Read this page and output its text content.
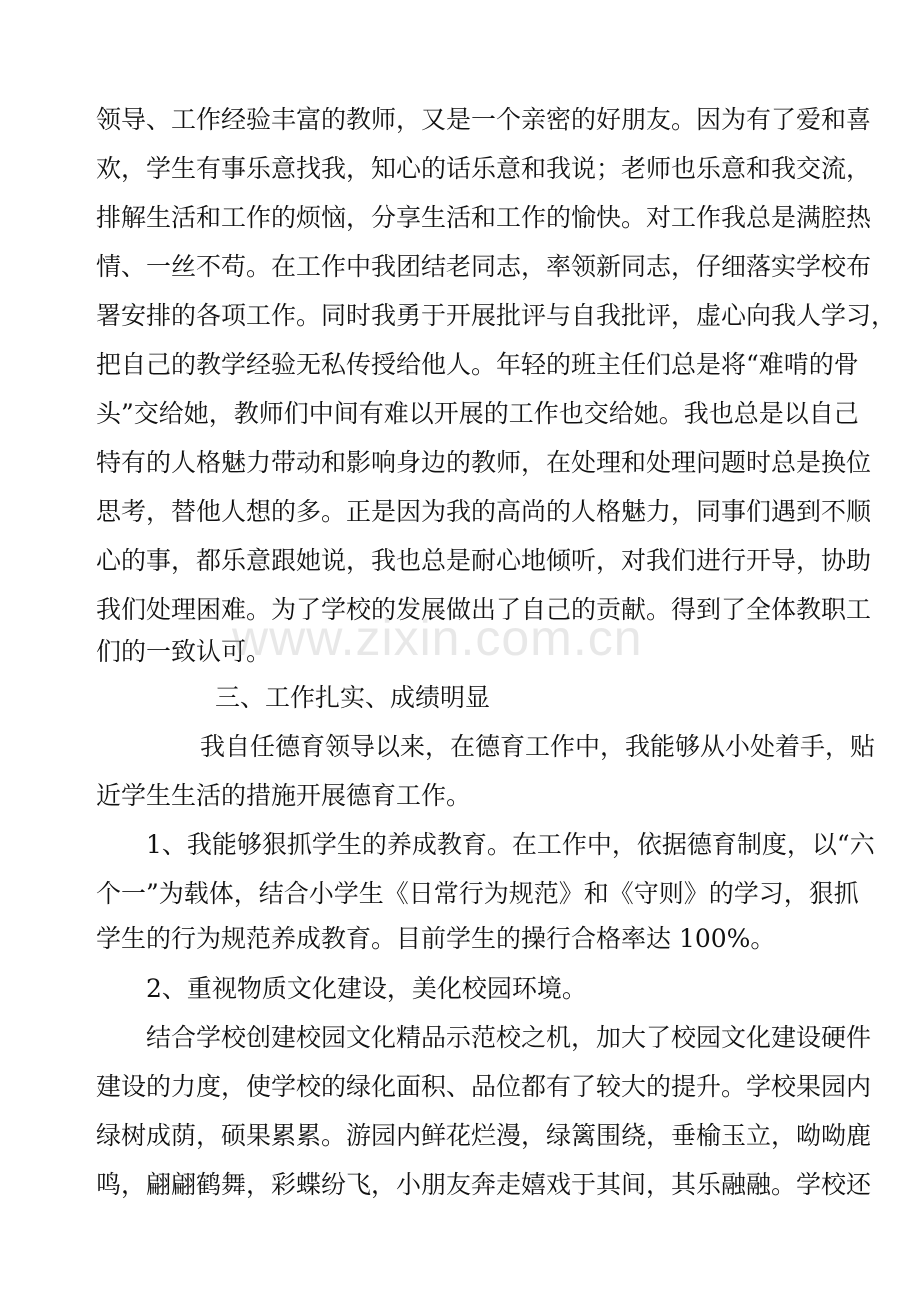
领导、工作经验丰富的教师，又是一个亲密的好朋友。因为有了爱和喜
欢，学生有事乐意找我，知心的话乐意和我说；老师也乐意和我交流，
排解生活和工作的烦恼，分享生活和工作的愉快。对工作我总是满腔热
情、一丝不苟。在工作中我团结老同志，率领新同志，仔细落实学校布
署安排的各项工作。同时我勇于开展批评与自我批评，虚心向我人学习，
把自己的教学经验无私传授给他人。年轻的班主任们总是将“难啃的骨
头”交给她，教师们中间有难以开展的工作也交给她。我也总是以自己
特有的人格魅力带动和影响身边的教师，在处理和处理问题时总是换位
思考，替他人想的多。正是因为我的高尚的人格魅力，同事们遇到不顺
心的事，都乐意跟她说，我也总是耐心地倾听，对我们进行开导，协助
我们处理困难。为了学校的发展做出了自己的贡献。得到了全体教职工
们的一致认可。
三、工作扎实、成绩明显
我自任德育领导以来，在德育工作中，我能够从小处着手，贴
近学生生活的措施开展德育工作。
1、我能够狠抓学生的养成教育。在工作中，依据德育制度，以“六
个一”为载体，结合小学生《日常行为规范》和《守则》的学习，狠抓
学生的行为规范养成教育。目前学生的操行合格率达 100%。
2、重视物质文化建设，美化校园环境。
结合学校创建校园文化精品示范校之机，加大了校园文化建设硬件
建设的力度，使学校的绿化面积、品位都有了较大的提升。学校果园内
绿树成荫，硕果累累。游园内鲜花烂漫，绿篱围绕，垂榆玉立，呦呦鹿
鸣，翩翩鹤舞，彩蝶纷飞，小朋友奔走嬉戏于其间，其乐融融。学校还
www.zixin.com.cn
